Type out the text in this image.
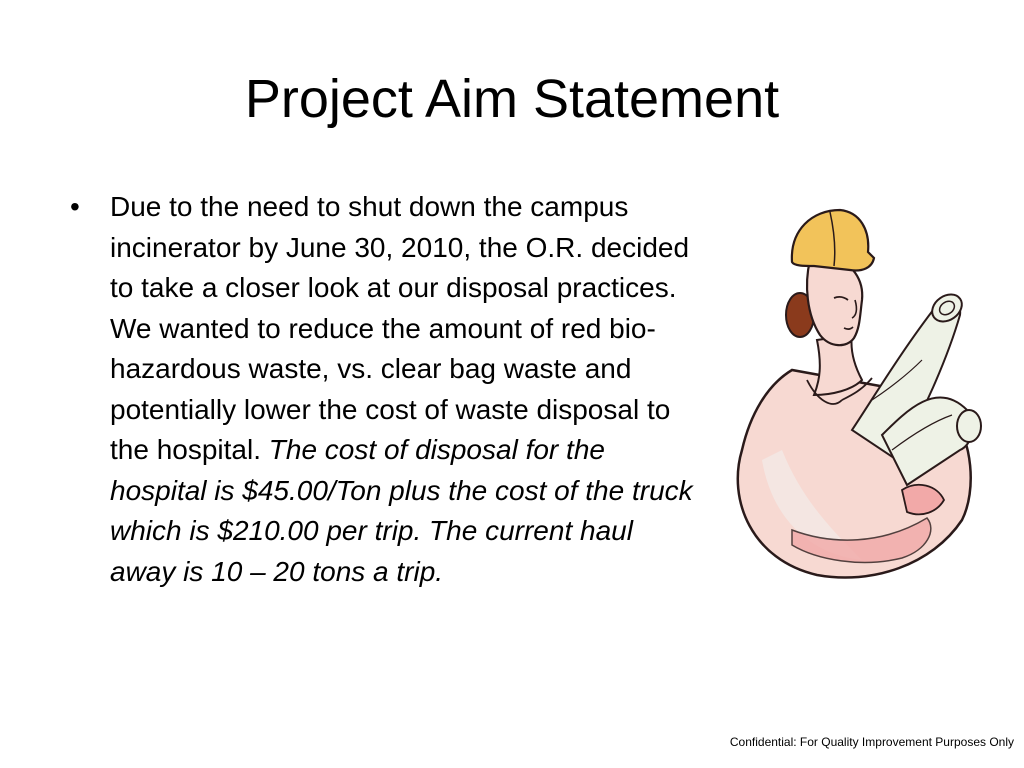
Project Aim Statement
• Due to the need to shut down the campus incinerator by June 30, 2010, the O.R. decided to take a closer look at our disposal practices. We wanted to reduce the amount of red bio-hazardous waste, vs. clear bag waste and potentially lower the cost of waste disposal to the hospital. The cost of disposal for the hospital is $45.00/Ton plus the cost of the truck which is $210.00 per trip. The current haul away is 10 – 20 tons a trip.
Confidential: For Quality Improvement Purposes Only
